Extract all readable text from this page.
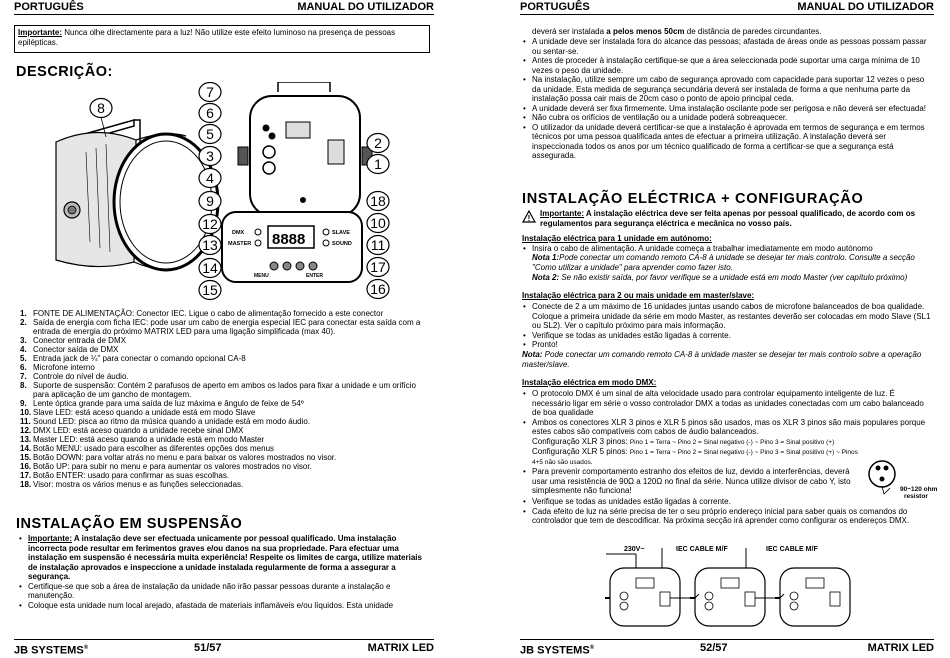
PORTUGUÊS	MANUAL DO UTILIZADOR
Importante: Nunca olhe directamente para a luz! Não utilize este efeito luminoso na presença de pessoas epilépticas.
DESCRIÇÃO:
DMX
MASTER
SLAVE
SOUND
8888
MENU	ENTER
8
7
6
5
3
4
9
12
13
14
15
2
1
18
10
11
17
16
1. FONTE DE ALIMENTAÇÃO: Conector IEC. Ligue o cabo de alimentação fornecido a este conector
2. Saída de energia com ficha IEC: pode usar um cabo de energia especial IEC para conectar esta saída com a entrada de energia do próximo MATRIX LED para uma ligação simplificada (max 40).
3. Conector entrada de DMX
4. Conector saída de DMX
5. Entrada jack de ¼" para conectar o comando opcional CA-8
6. Microfone interno
7. Controle do nível de áudio.
8. Suporte de suspensão: Contém 2 parafusos de aperto em ambos os lados para fixar a unidade e um orifício para aplicação de um gancho de montagem.
9. Lente óptica grande para uma saída de luz máxima e ângulo de feixe de 54º
10. Slave LED: está aceso quando a unidade está em modo Slave
11. Sound LED: pisca ao ritmo da música quando a unidade está em modo áudio.
12. DMX LED: está aceso quando a unidade recebe sinal DMX
13. Master LED: está aceso quando a unidade está em modo Master
14. Botão MENU: usado para escolher as diferentes opções dos menus
15. Botão DOWN: para voltar atrás no menu e para baixar os valores mostrados no visor.
16. Botão UP: para subir no menu e para aumentar os valores mostrados no visor.
17. Botão ENTER: usado para confirmar as suas escolhas.
18. Visor: mostra os vários menus e as funções seleccionadas.
INSTALAÇÃO EM SUSPENSÃO
• Importante: A instalação deve ser efectuada unicamente por pessoal qualificado. Uma instalação incorrecta pode resultar em ferimentos graves e/ou danos na sua propriedade. Para efectuar uma instalação em suspensão é necessária muita experiência! Respeite os limites de carga, utilize materiais de instalação aprovados e inspeccione a unidade instalada regularmente de forma a assegurar a segurança.
• Certifique-se que sob a área de instalação da unidade não irão passar pessoas durante a instalação e manutenção.
• Coloque esta unidade num local arejado, afastada de materiais inflamáveis e/ou líquidos. Esta unidade
JB SYSTEMS®	51/57	MATRIX LED
PORTUGUÊS	MANUAL DO UTILIZADOR
deverá ser instalada a pelos menos 50cm de distância de paredes circundantes.
• A unidade deve ser instalada fora do alcance das pessoas; afastada de áreas onde as pessoas possam passar ou sentar-se.
• Antes de proceder à instalação certifique-se que a área seleccionada pode suportar uma carga mínima de 10 vezes o peso da unidade.
• Na instalação, utilize sempre um cabo de segurança aprovado com capacidade para suportar 12 vezes o peso da unidade. Esta medida de segurança secundária deverá ser instalada de forma a que nenhuma parte da instalação possa cair mais de 20cm caso o ponto de apoio principal ceda.
• A unidade deverá ser fixa firmemente. Uma instalação oscilante pode ser perigosa e não deverá ser efectuada!
• Não cubra os orifícios de ventilação ou a unidade poderá sobreaquecer.
• O utilizador da unidade deverá certificar-se que a instalação é aprovada em termos de segurança e em termos técnicos por uma pessoa qualificada antes de efectuar a primeira utilização. A instalação deverá ser inspeccionada todos os anos por um técnico qualificado de forma a certificar-se que a segurança está assegurada.
INSTALAÇÃO ELÉCTRICA + CONFIGURAÇÃO
!
Importante: A instalação eléctrica deve ser feita apenas por pessoal qualificado, de acordo com os regulamentos para segurança eléctrica e mecânica no vosso país.
Instalação eléctrica para 1 unidade em autónomo:
• Insira o cabo de alimentação. A unidade começa a trabalhar imediatamente em modo autónomo
Nota 1:Pode conectar um comando remoto CA-8 à unidade se desejar ter mais controlo. Consulte a secção "Como utilizar a unidade" para aprender como fazer isto.
Nota 2: Se não existir saída, por favor verifique se a unidade está em modo Master (ver capítulo próximo)
Instalação eléctrica para 2 ou mais unidade em master/slave:
• Conecte de 2 a um máximo de 16 unidades juntas usando cabos de microfone balanceados de boa qualidade. Coloque a primeira unidade da série em modo Master, as restantes deverão ser colocadas em modo Slave (SL1 ou SL2). Ver o capítulo próximo para mais informação.
• Verifique se todas as unidades estão ligadas à corrente.
• Pronto!
Nota: Pode conectar um comando remoto CA-8 à unidade master se desejar ter mais controlo sobre a operação master/slave.
Instalação eléctrica em modo DMX:
• O protocolo DMX é um sinal de alta velocidade usado para controlar equipamento inteligente de luz. É necessário ligar em série o vosso controlador DMX a todas as unidades conectadas com um cabo balanceado de boa qualidade
• Ambos os conectores XLR 3 pinos e XLR 5 pinos são usados, mas os XLR 3 pinos são mais populares porque estes cabos são compatíveis com cabos de áudio balanceados.
Configuração XLR 3 pinos: Pino 1 = Terra ~ Pino 2 = Sinal negativo (-) ~ Pino 3 = Sinal positivo (+)
Configuração XLR 5 pinos: Pino 1 = Terra ~ Pino 2 = Sinal negativo (-) ~ Pino 3 = Sinal positivo (+) ~ Pinos
4+5 não são usados.
• Para prevenir comportamento estranho dos efeitos de luz, devido a interferências, deverá usar uma resistência de 90Ω a 120Ω no final da série. Nunca utilize divisor de cabo Y, isto simplesmente não funciona!	90~120 ohm
resistor
• Verifique se todas as unidades estão ligadas à corrente.
• Cada efeito de luz na série precisa de ter o seu próprio endereço inicial para saber quais os comandos do controlador que tem de descodificar. Na próxima secção irá aprender como configurar os endereços DMX.
230V~	IEC CABLE M/F	IEC CABLE M/F
JB SYSTEMS®	52/57	MATRIX LED
